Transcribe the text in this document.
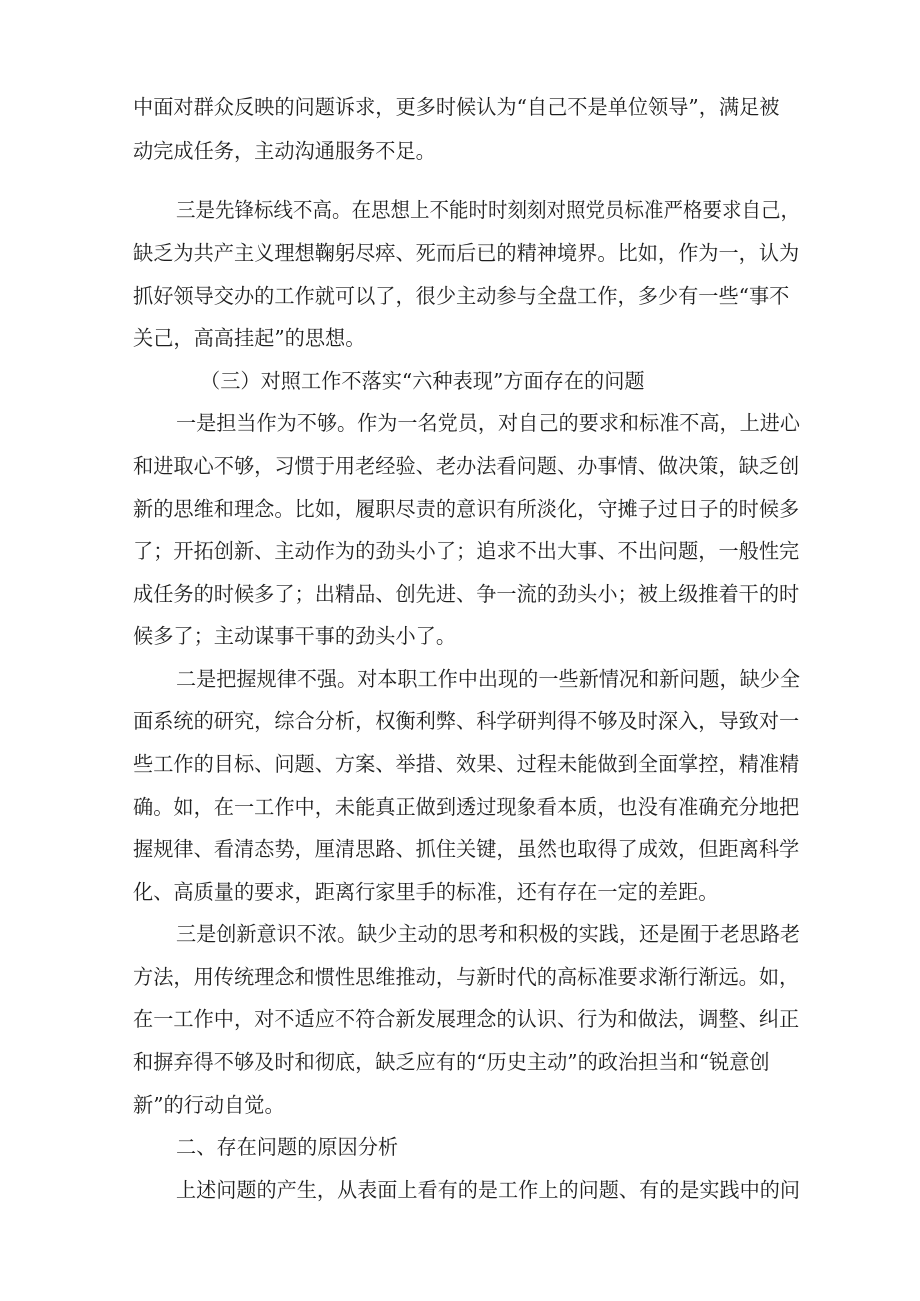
中面对群众反映的问题诉求，更多时候认为“自己不是单位领导”，满足被
动完成任务，主动沟通服务不足。
三是先锋标线不高。在思想上不能时时刻刻对照党员标准严格要求自己，
缺乏为共产主义理想鞠躬尽瘁、死而后已的精神境界。比如，作为一，认为
抓好领导交办的工作就可以了，很少主动参与全盘工作，多少有一些“事不
关己，高高挂起”的思想。
（三）对照工作不落实“六种表现”方面存在的问题
一是担当作为不够。作为一名党员，对自己的要求和标准不高，上进心
和进取心不够，习惯于用老经验、老办法看问题、办事情、做决策，缺乏创
新的思维和理念。比如，履职尽责的意识有所淡化，守摊子过日子的时候多
了；开拓创新、主动作为的劲头小了；追求不出大事、不出问题，一般性完
成任务的时候多了；出精品、创先进、争一流的劲头小；被上级推着干的时
候多了；主动谋事干事的劲头小了。
二是把握规律不强。对本职工作中出现的一些新情况和新问题，缺少全
面系统的研究，综合分析，权衡利弊、科学研判得不够及时深入，导致对一
些工作的目标、问题、方案、举措、效果、过程未能做到全面掌控，精准精
确。如，在一工作中，未能真正做到透过现象看本质，也没有准确充分地把
握规律、看清态势，厘清思路、抓住关键，虽然也取得了成效，但距离科学
化、高质量的要求，距离行家里手的标准，还有存在一定的差距。
三是创新意识不浓。缺少主动的思考和积极的实践，还是囿于老思路老
方法，用传统理念和惯性思维推动，与新时代的高标准要求渐行渐远。如，
在一工作中，对不适应不符合新发展理念的认识、行为和做法，调整、纠正
和摒弃得不够及时和彻底，缺乏应有的“历史主动”的政治担当和“锐意创
新”的行动自觉。
二、存在问题的原因分析
上述问题的产生，从表面上看有的是工作上的问题、有的是实践中的问
